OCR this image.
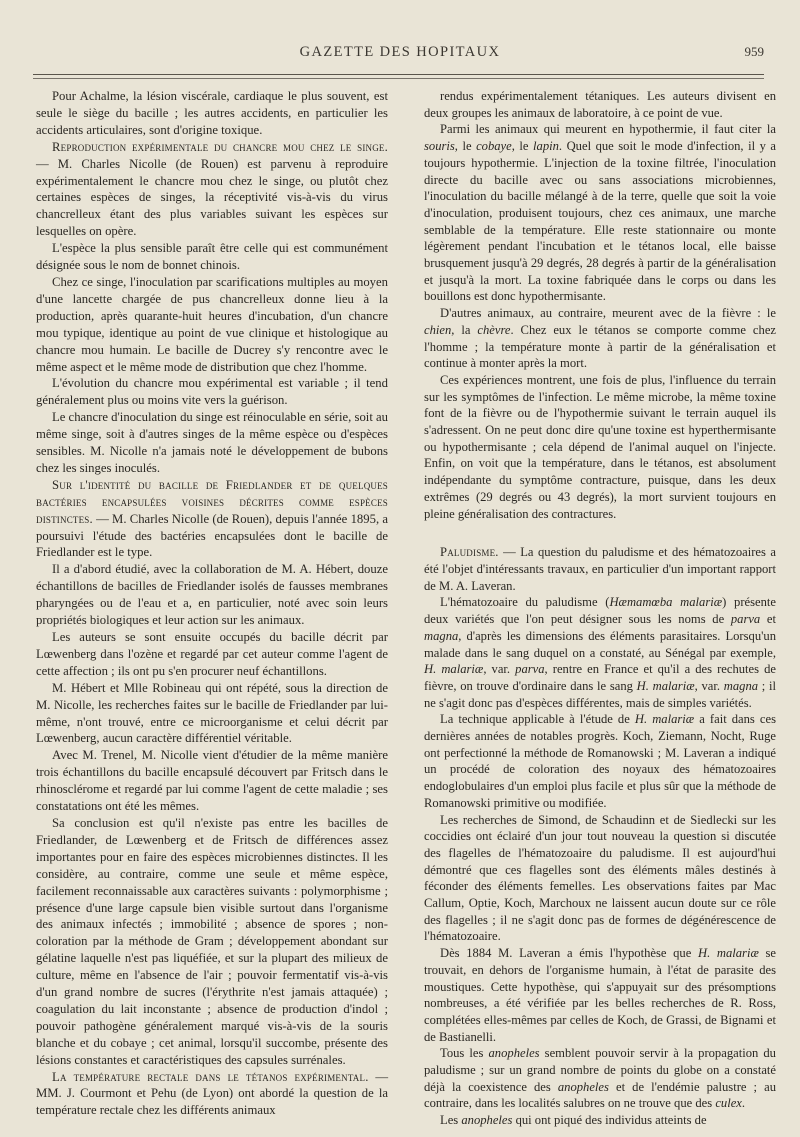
GAZETTE DES HOPITAUX	959

Pour Achalme, la lésion viscérale, cardiaque le plus souvent, est seule le siège du bacille ; les autres accidents, en particulier les accidents articulaires, sont d'origine toxique.

Reproduction expérimentale du chancre mou chez le singe. — M. Charles Nicolle (de Rouen) est parvenu à reproduire expérimentalement le chancre mou chez le singe, ou plutôt chez certaines espèces de singes, la réceptivité vis-à-vis du virus chancrelleux étant des plus variables suivant les espèces sur lesquelles on opère.

L'espèce la plus sensible paraît être celle qui est communément désignée sous le nom de bonnet chinois.

Chez ce singe, l'inoculation par scarifications multiples au moyen d'une lancette chargée de pus chancrelleux donne lieu à la production, après quarante-huit heures d'incubation, d'un chancre mou typique, identique au point de vue clinique et histologique au chancre mou humain. Le bacille de Ducrey s'y rencontre avec le même aspect et le même mode de distribution que chez l'homme.

L'évolution du chancre mou expérimental est variable ; il tend généralement plus ou moins vite vers la guérison.

Le chancre d'inoculation du singe est réinoculable en série, soit au même singe, soit à d'autres singes de la même espèce ou d'espèces sensibles. M. Nicolle n'a jamais noté le développement de bubons chez les singes inoculés.

Sur l'identité du bacille de Friedlander et de quelques bactéries encapsulées voisines décrites comme espèces distinctes. — M. Charles Nicolle (de Rouen), depuis l'année 1895, a poursuivi l'étude des bactéries encapsulées dont le bacille de Friedlander est le type.

Il a d'abord étudié, avec la collaboration de M. A. Hébert, douze échantillons de bacilles de Friedlander isolés de fausses membranes pharyngées ou de l'eau et a, en particulier, noté avec soin leurs propriétés biologiques et leur action sur les animaux.

Les auteurs se sont ensuite occupés du bacille décrit par Lœwenberg dans l'ozène et regardé par cet auteur comme l'agent de cette affection ; ils ont pu s'en procurer neuf échantillons.

M. Hébert et Mlle Robineau qui ont répété, sous la direction de M. Nicolle, les recherches faites sur le bacille de Friedlander par lui-même, n'ont trouvé, entre ce microorganisme et celui décrit par Lœwenberg, aucun caractère différentiel véritable.

Avec M. Trenel, M. Nicolle vient d'étudier de la même manière trois échantillons du bacille encapsulé découvert par Fritsch dans le rhinosclérome et regardé par lui comme l'agent de cette maladie ; ses constatations ont été les mêmes.

Sa conclusion est qu'il n'existe pas entre les bacilles de Friedlander, de Lœwenberg et de Fritsch de différences assez importantes pour en faire des espèces microbiennes distinctes. Il les considère, au contraire, comme une seule et même espèce, facilement reconnaissable aux caractères suivants : polymorphisme ; présence d'une large capsule bien visible surtout dans l'organisme des animaux infectés ; immobilité ; absence de spores ; non-coloration par la méthode de Gram ; développement abondant sur gélatine laquelle n'est pas liquéfiée, et sur la plupart des milieux de culture, même en l'absence de l'air ; pouvoir fermentatif vis-à-vis d'un grand nombre de sucres (l'érythrite n'est jamais attaquée) ; coagulation du lait inconstante ; absence de production d'indol ; pouvoir pathogène généralement marqué vis-à-vis de la souris blanche et du cobaye ; cet animal, lorsqu'il succombe, présente des lésions constantes et caractéristiques des capsules surrénales.

La température rectale dans le tétanos expérimental. — MM. J. Courmont et Pehu (de Lyon) ont abordé la question de la température rectale chez les différents animaux

rendus expérimentalement tétaniques. Les auteurs divisent en deux groupes les animaux de laboratoire, à ce point de vue.

Parmi les animaux qui meurent en hypothermie, il faut citer la souris, le cobaye, le lapin. Quel que soit le mode d'infection, il y a toujours hypothermie. L'injection de la toxine filtrée, l'inoculation directe du bacille avec ou sans associations microbiennes, l'inoculation du bacille mélangé à de la terre, quelle que soit la voie d'inoculation, produisent toujours, chez ces animaux, une marche semblable de la température. Elle reste stationnaire ou monte légèrement pendant l'incubation et le tétanos local, elle baisse brusquement jusqu'à 29 degrés, 28 degrés à partir de la généralisation et jusqu'à la mort. La toxine fabriquée dans le corps ou dans les bouillons est donc hypothermisante.

D'autres animaux, au contraire, meurent avec de la fièvre : le chien, la chèvre. Chez eux le tétanos se comporte comme chez l'homme ; la température monte à partir de la généralisation et continue à monter après la mort.

Ces expériences montrent, une fois de plus, l'influence du terrain sur les symptômes de l'infection. Le même microbe, la même toxine font de la fièvre ou de l'hypothermie suivant le terrain auquel ils s'adressent. On ne peut donc dire qu'une toxine est hyperthermisante ou hypothermisante ; cela dépend de l'animal auquel on l'injecte. Enfin, on voit que la température, dans le tétanos, est absolument indépendante du symptôme contracture, puisque, dans les deux extrêmes (29 degrés ou 43 degrés), la mort survient toujours en pleine généralisation des contractures.

Paludisme. — La question du paludisme et des hématozoaires a été l'objet d'intéressants travaux, en particulier d'un important rapport de M. A. Laveran.

L'hématozoaire du paludisme (Hæmamœba malariæ) présente deux variétés que l'on peut désigner sous les noms de parva et magna, d'après les dimensions des éléments parasitaires. Lorsqu'un malade dans le sang duquel on a constaté, au Sénégal par exemple, H. malariæ, var. parva, rentre en France et qu'il a des rechutes de fièvre, on trouve d'ordinaire dans le sang H. malariæ, var. magna ; il ne s'agit donc pas d'espèces différentes, mais de simples variétés.

La technique applicable à l'étude de H. malariæ a fait dans ces dernières années de notables progrès. Koch, Ziemann, Nocht, Ruge ont perfectionné la méthode de Romanowski ; M. Laveran a indiqué un procédé de coloration des noyaux des hématozoaires endoglobulaires d'un emploi plus facile et plus sûr que la méthode de Romanowski primitive ou modifiée.

Les recherches de Simond, de Schaudinn et de Siedlecki sur les coccidies ont éclairé d'un jour tout nouveau la question si discutée des flagelles de l'hématozoaire du paludisme. Il est aujourd'hui démontré que ces flagelles sont des éléments mâles destinés à féconder des éléments femelles. Les observations faites par Mac Callum, Optie, Koch, Marchoux ne laissent aucun doute sur ce rôle des flagelles ; il ne s'agit donc pas de formes de dégénérescence de l'hématozoaire.

Dès 1884 M. Laveran a émis l'hypothèse que H. malariæ se trouvait, en dehors de l'organisme humain, à l'état de parasite des moustiques. Cette hypothèse, qui s'appuyait sur des présomptions nombreuses, a été vérifiée par les belles recherches de R. Ross, complétées elles-mêmes par celles de Koch, de Grassi, de Bignami et de Bastianelli.

Tous les anopheles semblent pouvoir servir à la propagation du paludisme ; sur un grand nombre de points du globe on a constaté déjà la coexistence des anopheles et de l'endémie palustre ; au contraire, dans les localités salubres on ne trouve que des culex.

Les anopheles qui ont piqué des individus atteints de
